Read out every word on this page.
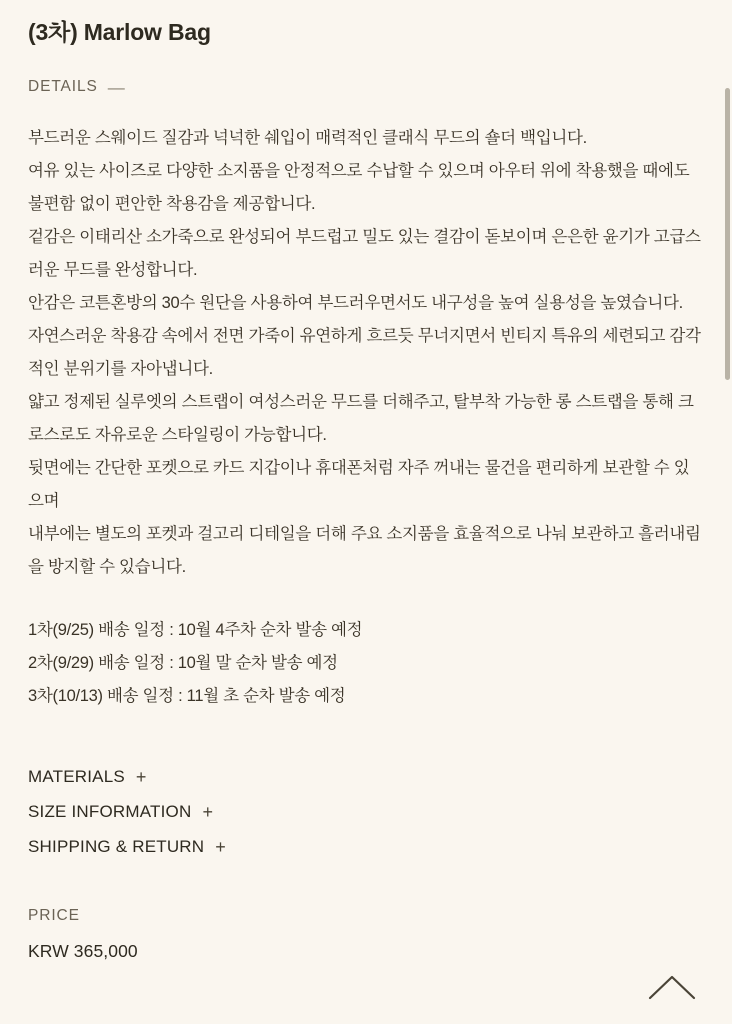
(3차) Marlow Bag
DETAILS —

부드러운 스웨이드 질감과 넉넉한 쉐입이 매력적인 클래식 무드의 숄더 백입니다.

여유 있는 사이즈로 다양한 소지품을 안정적으로 수납할 수 있으며 아우터 위에 착용했을 때에도 불편함 없이 편안한 착용감을 제공합니다.

겉감은 이태리산 소가죽으로 완성되어 부드럽고 밀도 있는 결감이 돋보이며 은은한 윤기가 고급스러운 무드를 완성합니다.

안감은 코튼혼방의 30수 원단을 사용하여 부드러우면서도 내구성을 높여 실용성을 높였습니다.

자연스러운 착용감 속에서 전면 가죽이 유연하게 흐르듯 무너지면서 빈티지 특유의 세련되고 감각적인 분위기를 자아냅니다.

얇고 정제된 실루엣의 스트랩이 여성스러운 무드를 더해주고, 탈부착 가능한 롱 스트랩을 통해 크로스로도 자유로운 스타일링이 가능합니다.

뒷면에는 간단한 포켓으로 카드 지갑이나 휴대폰처럼 자주 꺼내는 물건을 편리하게 보관할 수 있으며

내부에는 별도의 포켓과 걸고리 디테일을 더해 주요 소지품을 효율적으로 나눠 보관하고 흘러내림을 방지할 수 있습니다.

1차(9/25) 배송 일정 : 10월 4주차 순차 발송 예정

2차(9/29) 배송 일정 : 10월 말 순차 발송 예정

3차(10/13) 배송 일정 : 11월 초 순차 발송 예정

MATERIALS +
SIZE INFORMATION +
SHIPPING & RETURN +
PRICE
KRW 365,000
